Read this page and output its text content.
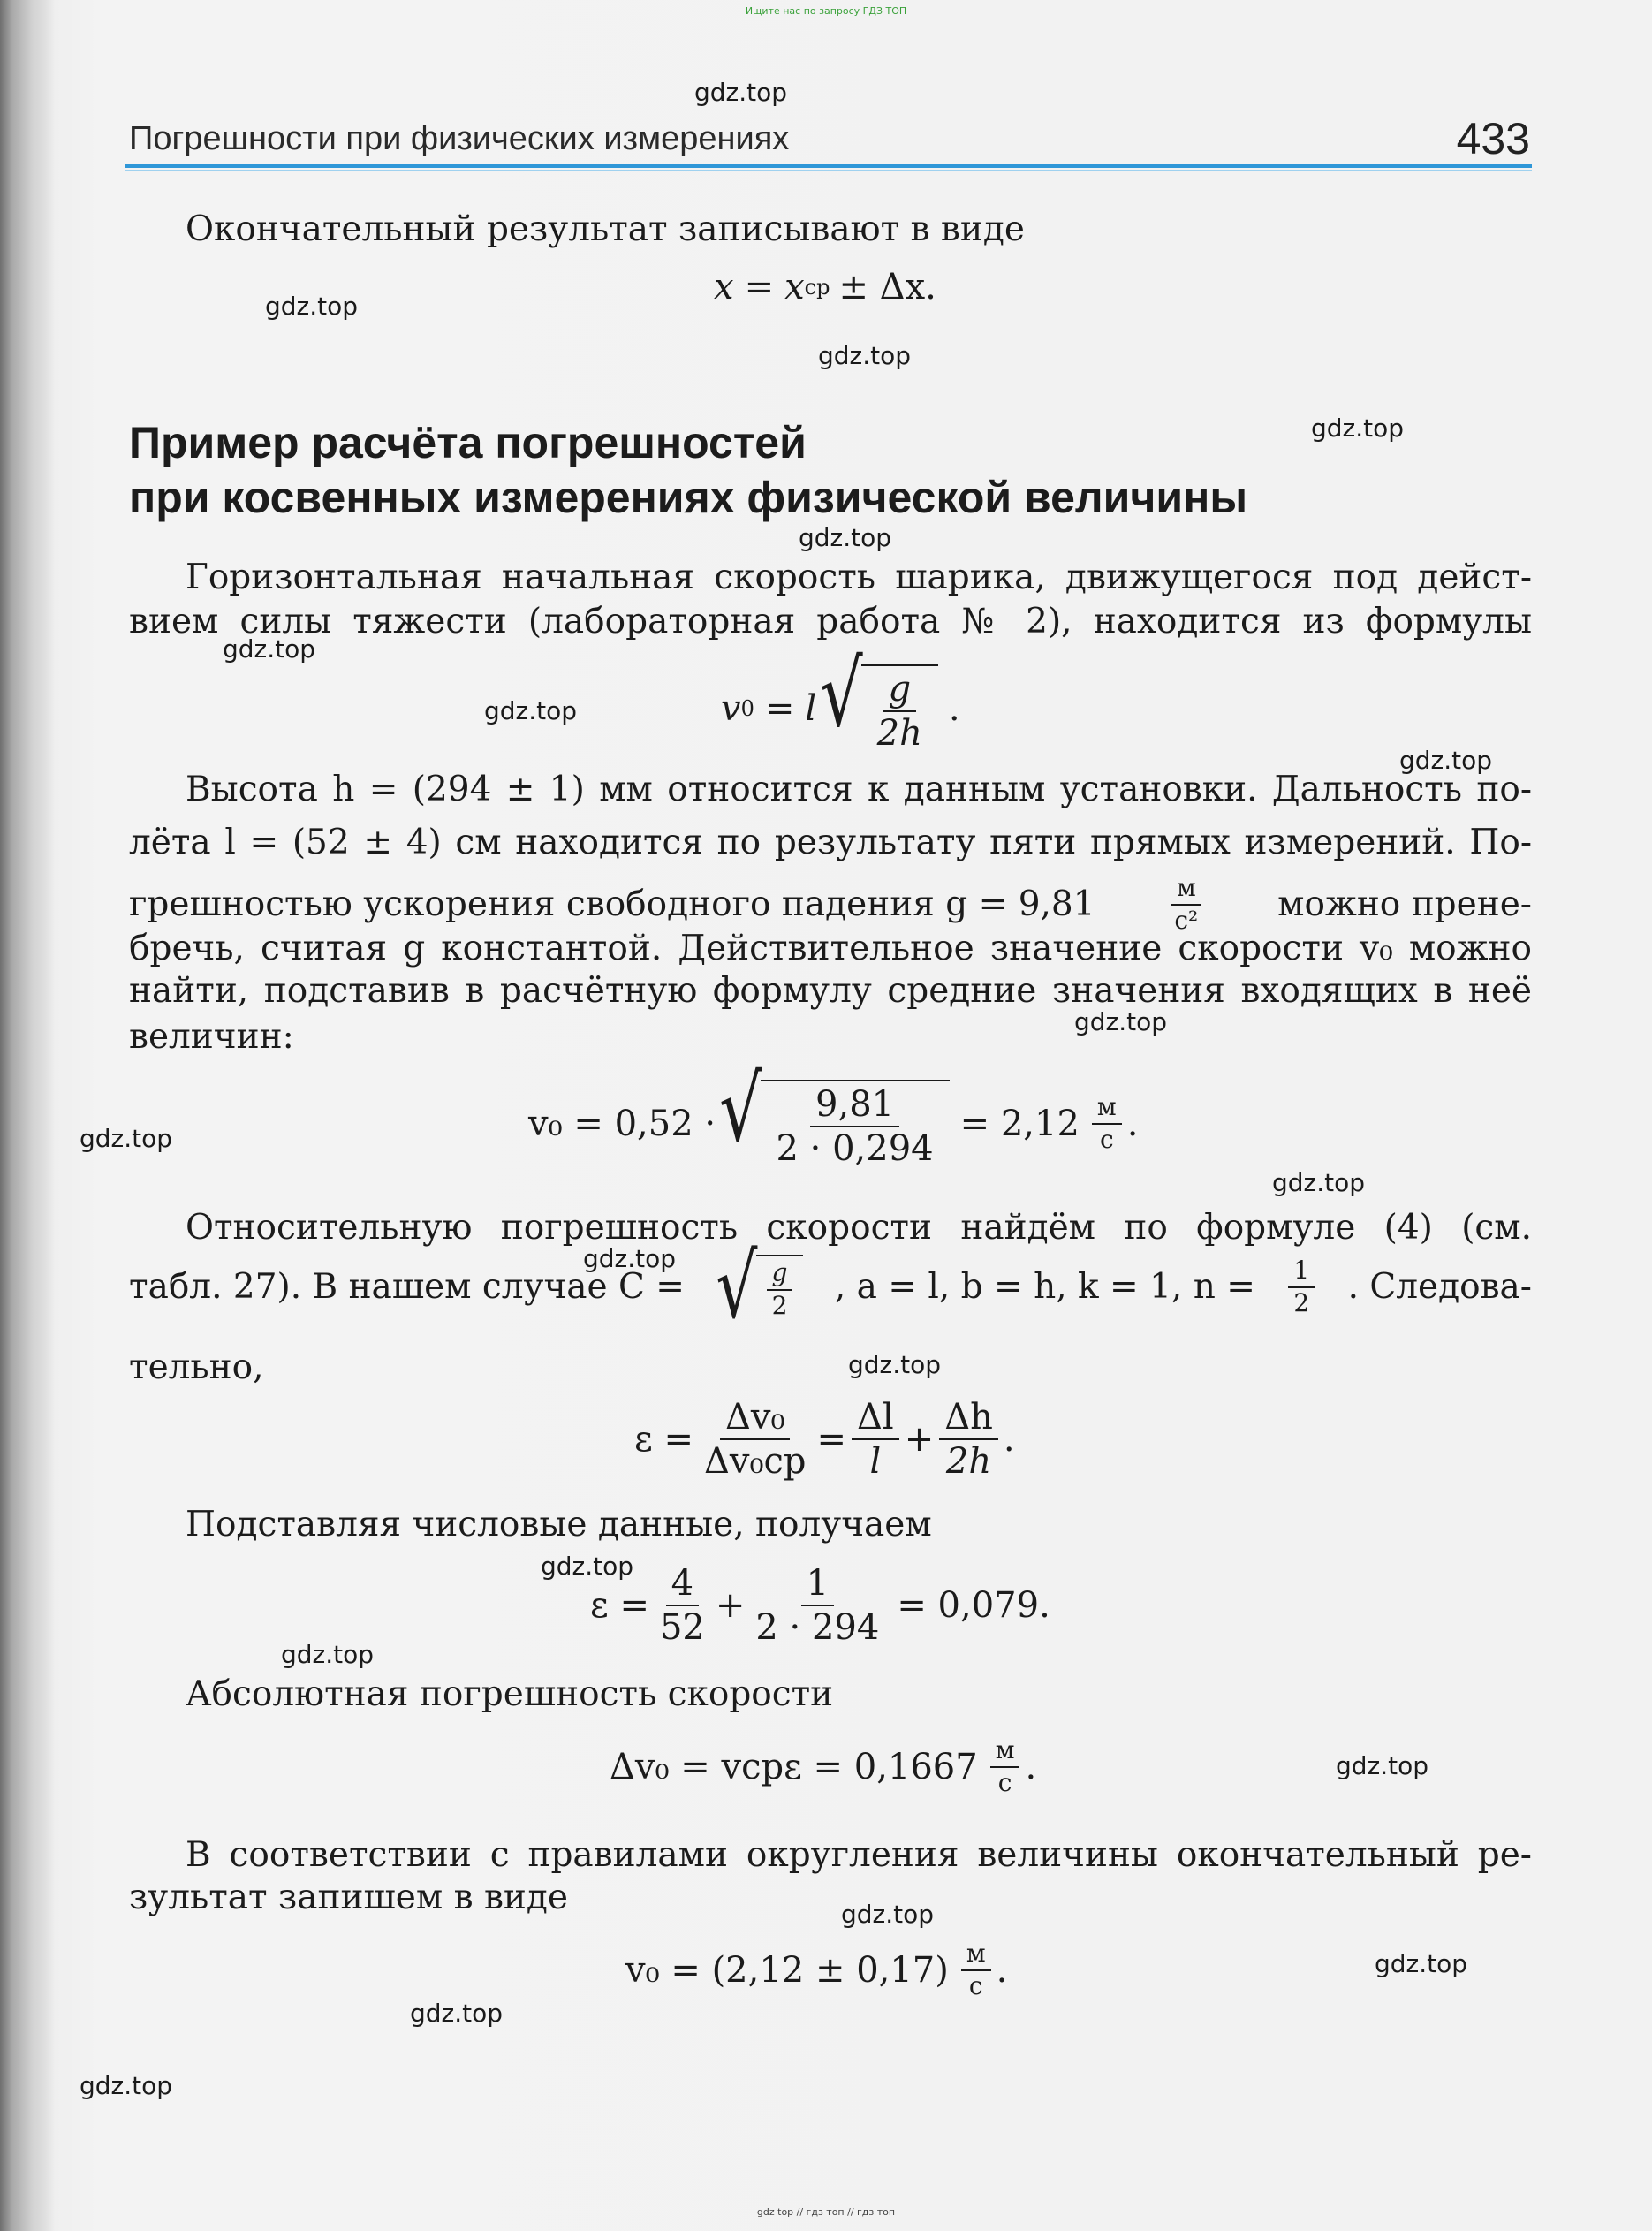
Ищите нас по запросу ГДЗ ТОП
Погрешности при физических измерениях	433
Окончательный результат записывают в виде
x = x ср ± Δx.
Пример расчёта погрешностей
при косвенных измерениях физической величины
Горизонтальная начальная скорость шарика, движущегося под дейст-
вием силы тяжести (лабораторная работа № 2), находится из формулы
v 0 = l √ $\frac{g}{2h}$ .
Высота h = (294 ± 1) мм относится к данным установки. Дальность по-
лёта l = (52 ± 4) см находится по результату пяти прямых измерений. По-
грешностью ускорения свободного падения g = 9,81	$\frac{м}{\text{с²}}$ можно прене-
бречь, считая g константой. Действительное значение скорости v₀ можно
найти, подставив в расчётную формулу средние значения входящих в неё
величин:
v₀ = 0,52 · √ $\frac{9,81}{2 \cdot 0,294} = 2,12 \frac{м}{с}$ .
Относительную погрешность скорости найдём по формуле (4) (см.
табл. 27). В нашем случае C = √ $\frac{g}{2}$ , a = l, b = h, k = 1, $n = \frac{1}{2}$ . Следова-
тельно,
$\varepsilon = \frac{\text{Δv₀}}{\text{Δv₀ср}} = \frac{\Delta l}{l} + \frac{\Delta h}{2h}$ .
Подставляя числовые данные, получаем
$\varepsilon = \frac{4}{52} + \frac{1}{2 \cdot 294} = 0,079$.
Абсолютная погрешность скорости
$\Delta v_0 = vср\varepsilon = 0,1667 \frac{м}{с}$ .
В соответствии с правилами округления величины окончательный ре-
зультат запишем в виде
$v_0 = (2,12 \pm 0,17) \frac{м}{с}$ .
gdz.top
gdz.top
gdz.top
gdz.top
gdz.top
gdz.top
gdz.top
gdz.top
gdz.top
gdz.top
gdz.top
gdz.top
gdz.top
gdz.top
gdz.top
gdz.top
gdz.top
gdz.top
gdz.top
gdz.top
gdz top // гдз топ // гдз топ
